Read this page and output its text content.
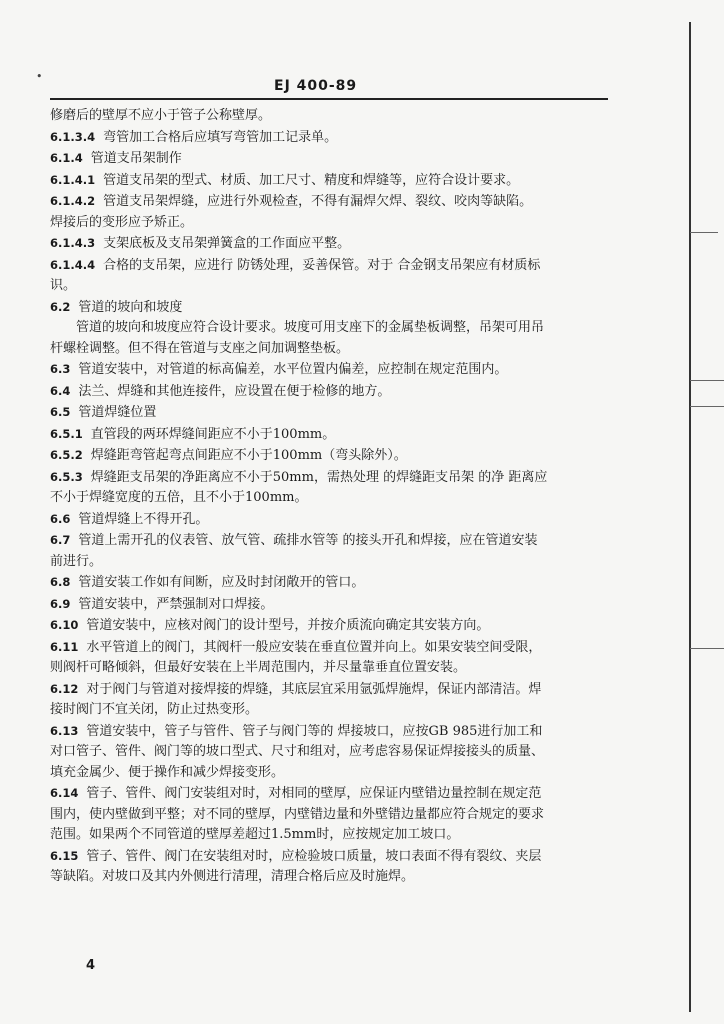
EJ 400-89
•
修磨后的壁厚不应小于管子公称壁厚。
6.1.3.4 弯管加工合格后应填写弯管加工记录单。
6.1.4 管道支吊架制作
6.1.4.1 管道支吊架的型式、材质、加工尺寸、精度和焊缝等，应符合设计要求。
6.1.4.2 管道支吊架焊缝，应进行外观检查，不得有漏焊欠焊、裂纹、咬肉等缺陷。
焊接后的变形应予矫正。
6.1.4.3 支架底板及支吊架弹簧盒的工作面应平整。
6.1.4.4 合格的支吊架，应进行 防锈处理，妥善保管。对于 合金钢支吊架应有材质标
识。
6.2 管道的坡向和坡度
　　管道的坡向和坡度应符合设计要求。坡度可用支座下的金属垫板调整，吊架可用吊
杆螺栓调整。但不得在管道与支座之间加调整垫板。
6.3 管道安装中，对管道的标高偏差，水平位置内偏差，应控制在规定范围内。
6.4 法兰、焊缝和其他连接件，应设置在便于检修的地方。
6.5 管道焊缝位置
6.5.1 直管段的两环焊缝间距应不小于100mm。
6.5.2 焊缝距弯管起弯点间距应不小于100mm（弯头除外）。
6.5.3 焊缝距支吊架的净距离应不小于50mm，需热处理 的焊缝距支吊架 的净 距离应
不小于焊缝宽度的五倍，且不小于100mm。
6.6 管道焊缝上不得开孔。
6.7 管道上需开孔的仪表管、放气管、疏排水管等 的接头开孔和焊接，应在管道安装
前进行。
6.8 管道安装工作如有间断，应及时封闭敞开的管口。
6.9 管道安装中，严禁强制对口焊接。
6.10 管道安装中，应核对阀门的设计型号，并按介质流向确定其安装方向。
6.11 水平管道上的阀门，其阀杆一般应安装在垂直位置并向上。如果安装空间受限，
则阀杆可略倾斜，但最好安装在上半周范围内，并尽量靠垂直位置安装。
6.12 对于阀门与管道对接焊接的焊缝，其底层宜采用氩弧焊施焊，保证内部清洁。焊
接时阀门不宜关闭，防止过热变形。
6.13 管道安装中，管子与管件、管子与阀门等的 焊接坡口，应按GB 985进行加工和
对口管子、管件、阀门等的坡口型式、尺寸和组对，应考虑容易保证焊接接头的质量、
填充金属少、便于操作和减少焊接变形。
6.14 管子、管件、阀门安装组对时，对相同的壁厚，应保证内壁错边量控制在规定范
围内，使内壁做到平整；对不同的壁厚，内壁错边量和外壁错边量都应符合规定的要求
范围。如果两个不同管道的壁厚差超过1.5mm时，应按规定加工坡口。
6.15 管子、管件、阀门在安装组对时，应检验坡口质量，坡口表面不得有裂纹、夹层
等缺陷。对坡口及其内外侧进行清理，清理合格后应及时施焊。
4
